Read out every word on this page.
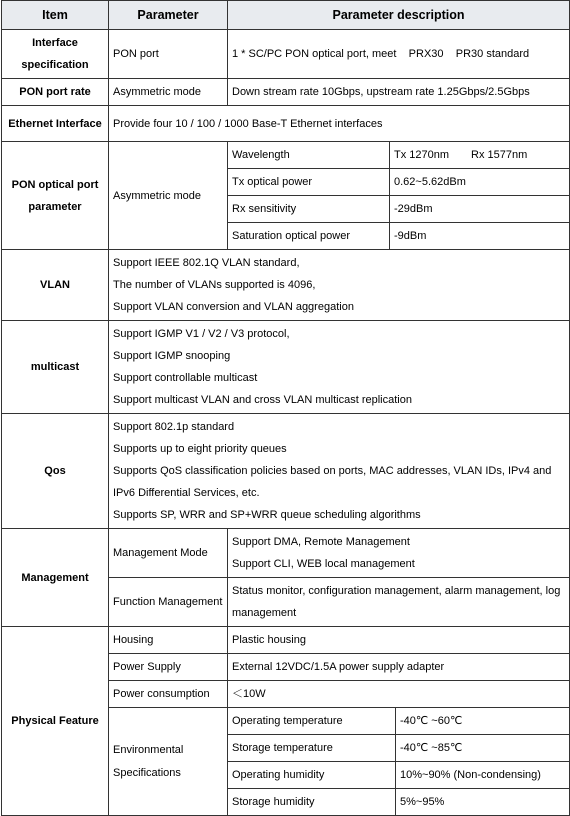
Item	Parameter	Parameter description		
Interface specification	PON port	1 * SC/PC PON optical port, meet    PRX30    PR30 standard		
PON port rate	Asymmetric mode	Down stream rate 10Gbps, upstream rate 1.25Gbps/2.5Gbps		
Ethernet Interface	Provide four 10 / 100 / 1000 Base-T Ethernet interfaces			
PON optical port parameter	Asymmetric mode	Wavelength	Tx 1270nm Rx 1577nm	
		Tx optical power	0.62~5.62dBm	
		Rx sensitivity	-29dBm	
		Saturation optical power	-9dBm	
VLAN	Support IEEE 802.1Q VLAN standard,
The number of VLANs supported is 4096,
Support VLAN conversion and VLAN aggregation			

multicast	Support IGMP V1 / V2 / V3 protocol,
Support IGMP snooping
Support controllable multicast
Support multicast VLAN and cross VLAN multicast replication			

Qos	Support 802.1p standard
Supports up to eight priority queues
Supports QoS classification policies based on ports, MAC addresses, VLAN IDs, IPv4 and IPv6 Differential Services, etc.
Supports SP, WRR and SP+WRR queue scheduling algorithms			

Management	Management Mode	Support DMA, Remote Management
Support CLI, WEB local management		

	Function Management	Status monitor, configuration management, alarm management, log management		
Physical Feature	Housing	Plastic housing		
	Power Supply	External 12VDC/1.5A power supply adapter		
	Power consumption	＜10W		

	Environmental Specifications	Operating temperature		-40℃ ~60℃
		Storage temperature		-40℃ ~85℃
		Operating humidity		10%~90% (Non-condensing)
		Storage humidity		5%~95%
